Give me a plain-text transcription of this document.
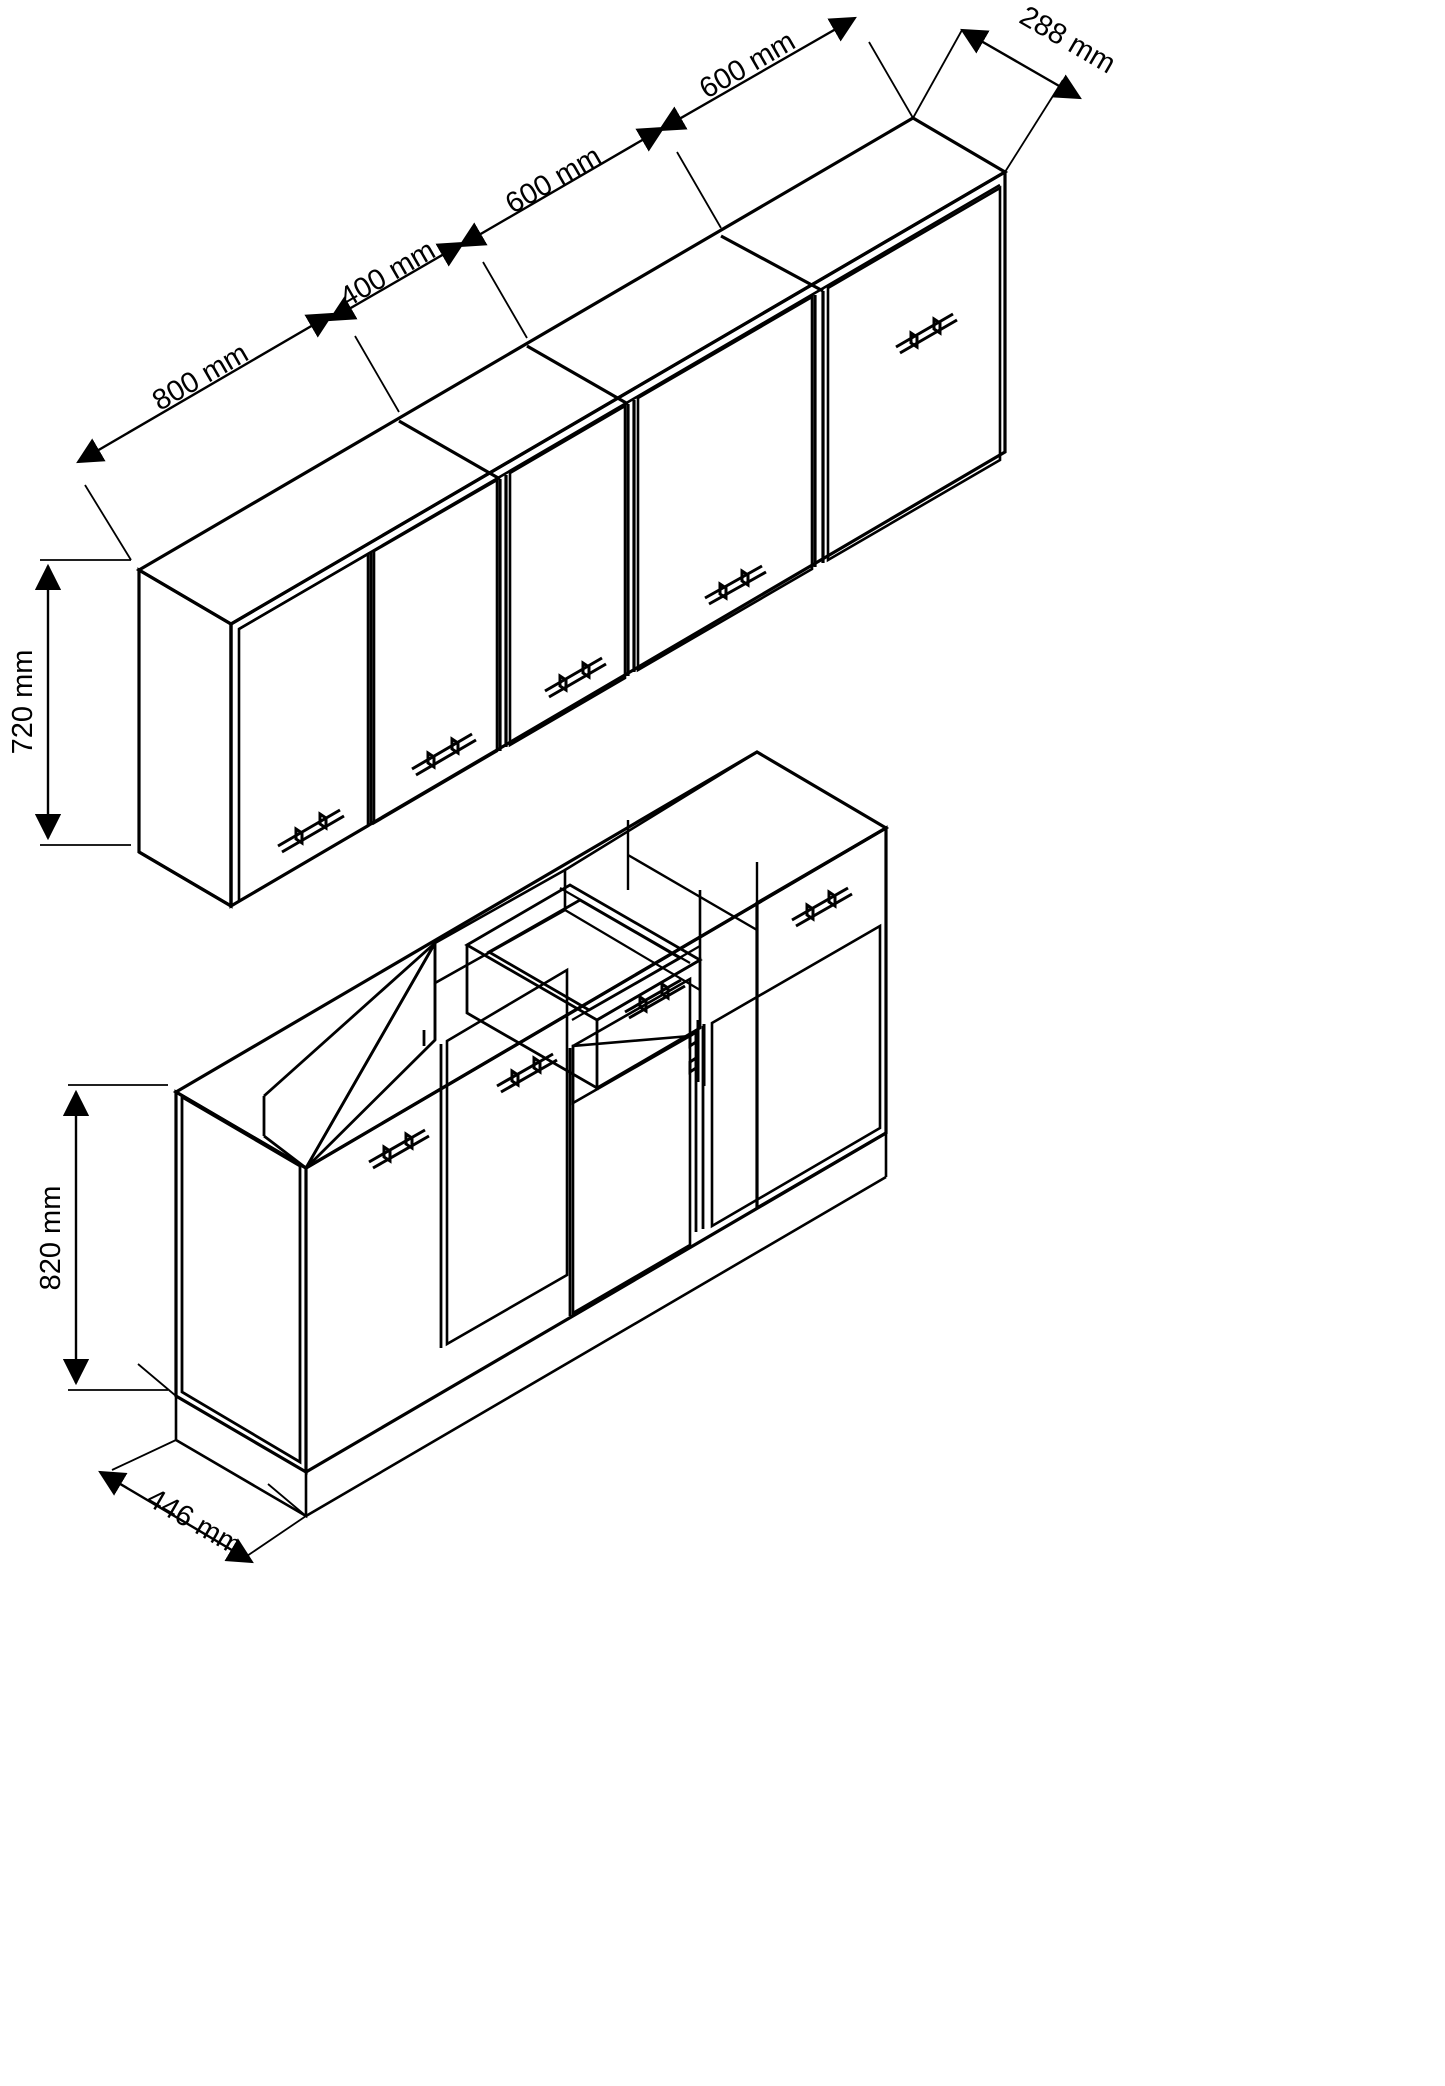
800 mm
400 mm
600 mm
600 mm	288 mm
720 mm
820 mm
446 mm
